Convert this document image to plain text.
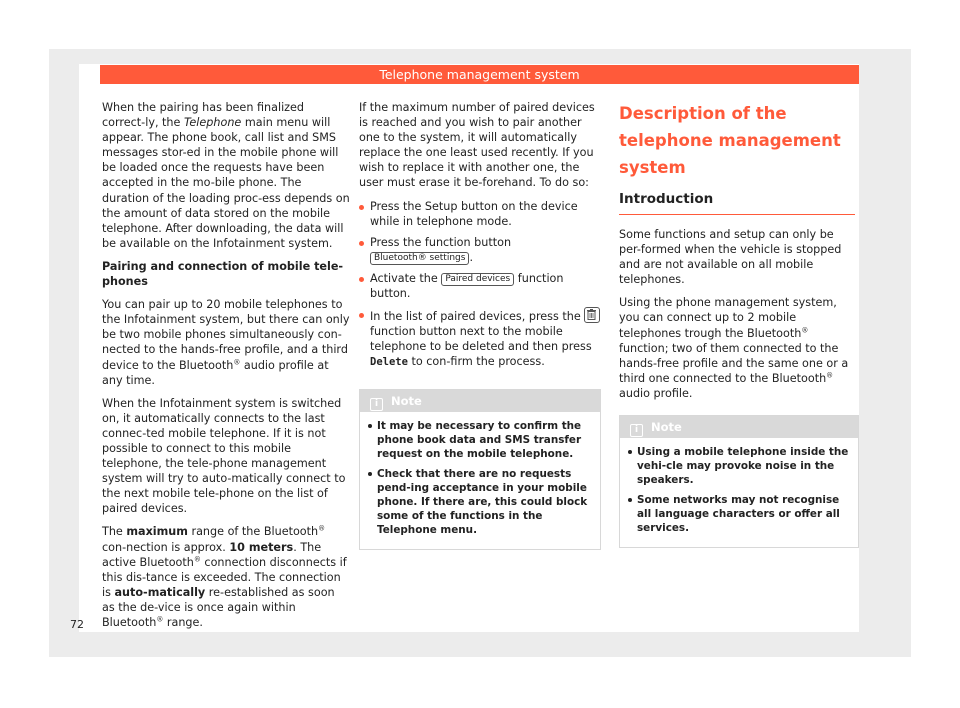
Telephone management system

When the pairing has been finalized correct-ly, the Telephone main menu will appear. The phone book, call list and SMS messages stor-ed in the mobile phone will be loaded once the requests have been accepted in the mo-bile phone. The duration of the loading proc-ess depends on the amount of data stored on the mobile telephone. After downloading, the data will be available on the Infotainment system.

Pairing and connection of mobile tele-phones

You can pair up to 20 mobile telephones to the Infotainment system, but there can only be two mobile phones simultaneously con-nected to the hands-free profile, and a third device to the Bluetooth® audio profile at any time.

When the Infotainment system is switched on, it automatically connects to the last connec-ted mobile telephone. If it is not possible to connect to this mobile telephone, the tele-phone management system will try to auto-matically connect to the next mobile tele-phone on the list of paired devices.

The maximum range of the Bluetooth® con-nection is approx. 10 meters. The active Bluetooth® connection disconnects if this dis-tance is exceeded. The connection is auto-matically re-established as soon as the de-vice is once again within Bluetooth® range.

If the maximum number of paired devices is reached and you wish to pair another one to the system, it will automatically replace the one least used recently. If you wish to replace it with another one, the user must erase it be-forehand. To do so:

Press the Setup button on the device while in telephone mode.
Press the function button Bluetooth® settings .
Activate the Paired devices function button.
In the list of paired devices, press the
function button next to the mobile telephone to be deleted and then press Delete to con-firm the process.
i Note
It may be necessary to confirm the phone book data and SMS transfer request on the mobile telephone.
Check that there are no requests pend-ing acceptance in your mobile phone. If there are, this could block some of the functions in the Telephone menu.
Description of the telephone management system
Introduction

Some functions and setup can only be per-formed when the vehicle is stopped and are not available on all mobile telephones.

Using the phone management system, you can connect up to 2 mobile telephones trough the Bluetooth® function; two of them connected to the hands-free profile and the same one or a third one connected to the Bluetooth® audio profile.

i Note
Using a mobile telephone inside the vehi-cle may provoke noise in the speakers.
Some networks may not recognise all language characters or offer all services.
72
